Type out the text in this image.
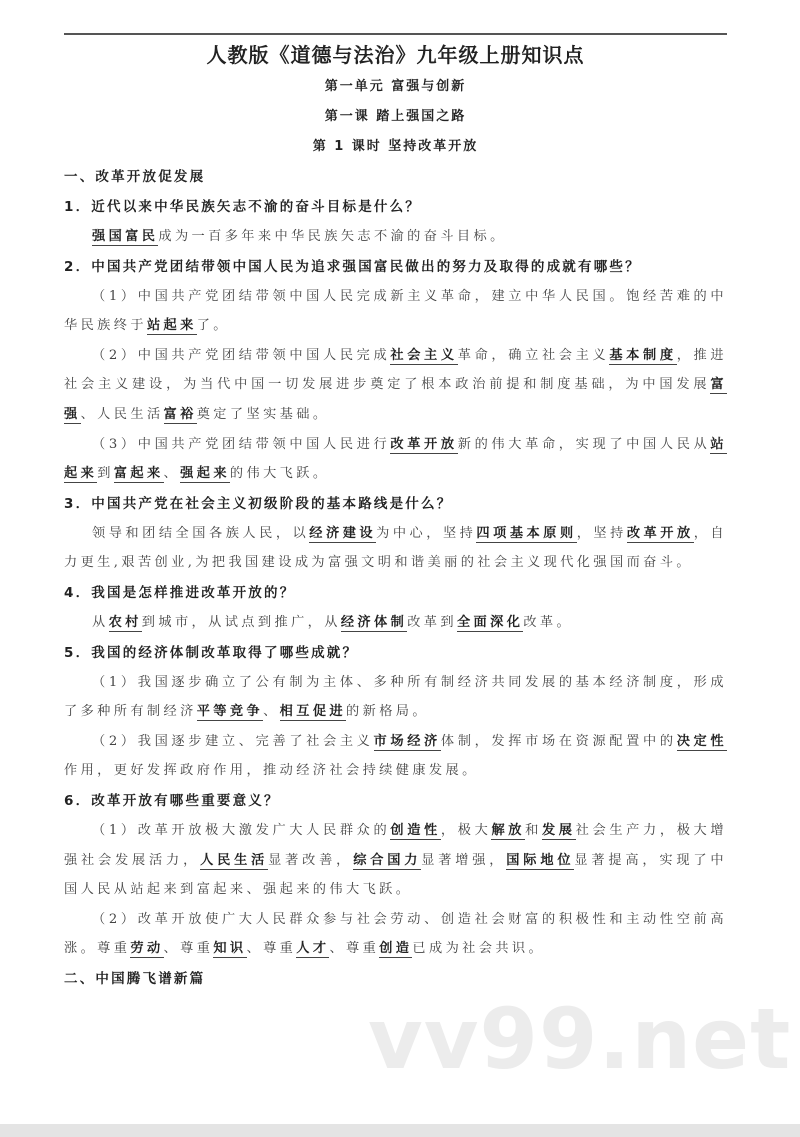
人教版《道德与法治》九年级上册知识点
第一单元 富强与创新
第一课 踏上强国之路
第 1 课时 坚持改革开放
一、改革开放促发展
1．近代以来中华民族矢志不渝的奋斗目标是什么？
强国富民成为一百多年来中华民族矢志不渝的奋斗目标。
2．中国共产党团结带领中国人民为追求强国富民做出的努力及取得的成就有哪些？
（1）中国共产党团结带领中国人民完成新主义革命，建立中华人民国。饱经苦难的中华民族终于站起来了。
（2）中国共产党团结带领中国人民完成社会主义革命，确立社会主义基本制度，推进社会主义建设，为当代中国一切发展进步奠定了根本政治前提和制度基础，为中国发展富强、人民生活富裕奠定了坚实基础。
（3）中国共产党团结带领中国人民进行改革开放新的伟大革命，实现了中国人民从站起来到富起来、强起来的伟大飞跃。
3．中国共产党在社会主义初级阶段的基本路线是什么？
领导和团结全国各族人民，以经济建设为中心，坚持四项基本原则，坚持改革开放，自力更生,艰苦创业,为把我国建设成为富强文明和谐美丽的社会主义现代化强国而奋斗。
4．我国是怎样推进改革开放的？
从农村到城市，从试点到推广，从经济体制改革到全面深化改革。
5．我国的经济体制改革取得了哪些成就？
（1）我国逐步确立了公有制为主体、多种所有制经济共同发展的基本经济制度，形成了多种所有制经济平等竞争、相互促进的新格局。
（2）我国逐步建立、完善了社会主义市场经济体制，发挥市场在资源配置中的决定性作用，更好发挥政府作用，推动经济社会持续健康发展。
6．改革开放有哪些重要意义？
（1）改革开放极大激发广大人民群众的创造性，极大解放和发展社会生产力，极大增强社会发展活力，人民生活显著改善，综合国力显著增强，国际地位显著提高，实现了中国人民从站起来到富起来、强起来的伟大飞跃。
（2）改革开放使广大人民群众参与社会劳动、创造社会财富的积极性和主动性空前高涨。尊重劳动、尊重知识、尊重人才、尊重创造已成为社会共识。
二、中国腾飞谱新篇
vv99.net
